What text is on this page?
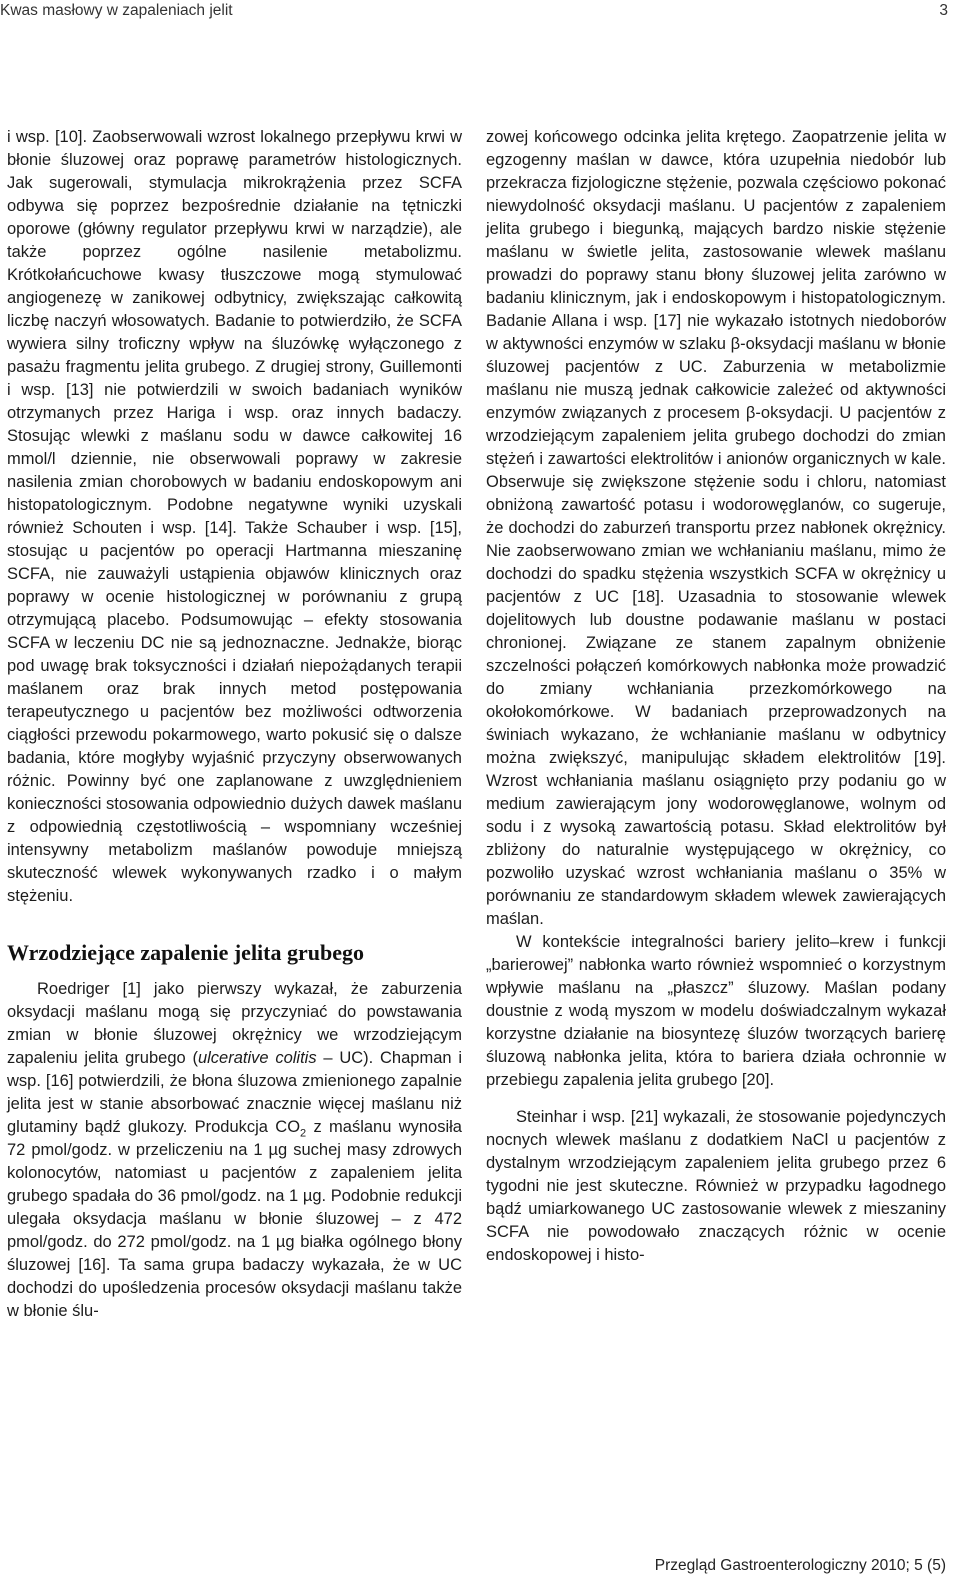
Kwas masłowy w zapaleniach jelit	3

i wsp. [10]. Zaobserwowali wzrost lokalnego przepływu krwi w błonie śluzowej oraz poprawę parametrów histologicznych. Jak sugerowali, stymulacja mikrokrążenia przez SCFA odbywa się poprzez bezpośrednie działanie na tętniczki oporowe (główny regulator przepływu krwi w narządzie), ale także poprzez ogólne nasilenie metabolizmu. Krótkołańcuchowe kwasy tłuszczowe mogą stymulować angiogenezę w zanikowej odbytnicy, zwiększając całkowitą liczbę naczyń włosowatych. Badanie to potwierdziło, że SCFA wywiera silny troficzny wpływ na śluzówkę wyłączonego z pasażu fragmentu jelita grubego. Z drugiej strony, Guillemonti i wsp. [13] nie potwierdzili w swoich badaniach wyników otrzymanych przez Hariga i wsp. oraz innych badaczy. Stosując wlewki z maślanu sodu w dawce całkowitej 16 mmol/l dziennie, nie obserwowali poprawy w zakresie nasilenia zmian chorobowych w badaniu endoskopowym ani histopatologicznym. Podobne negatywne wyniki uzyskali również Schouten i wsp. [14]. Także Schauber i wsp. [15], stosując u pacjentów po operacji Hartmanna mieszaninę SCFA, nie zauważyli ustąpienia objawów klinicznych oraz poprawy w ocenie histologicznej w porównaniu z grupą otrzymującą placebo. Podsumowując – efekty stosowania SCFA w leczeniu DC nie są jednoznaczne. Jednakże, biorąc pod uwagę brak toksyczności i działań niepożądanych terapii maślanem oraz brak innych metod postępowania terapeutycznego u pacjentów bez możliwości odtworzenia ciągłości przewodu pokarmowego, warto pokusić się o dalsze badania, które mogłyby wyjaśnić przyczyny obserwowanych różnic. Powinny być one zaplanowane z uwzględnieniem konieczności stosowania odpowiednio dużych dawek maślanu z odpowiednią częstotliwością – wspomniany wcześniej intensywny metabolizm maślanów powoduje mniejszą skuteczność wlewek wykonywanych rzadko i o małym stężeniu.

Wrzodziejące zapalenie jelita grubego

Roedriger [1] jako pierwszy wykazał, że zaburzenia oksydacji maślanu mogą się przyczyniać do powstawania zmian w błonie śluzowej okrężnicy we wrzodziejącym zapaleniu jelita grubego (ulcerative colitis – UC). Chapman i wsp. [16] potwierdzili, że błona śluzowa zmienionego zapalnie jelita jest w stanie absorbować znacznie więcej maślanu niż glutaminy bądź glukozy. Produkcja $CO_2$ z maślanu wynosiła 72 pmol/godz. w przeliczeniu na 1 µg suchej masy zdrowych kolonocytów, natomiast u pacjentów z zapaleniem jelita grubego spadała do 36 pmol/godz. na 1 µg. Podobnie redukcji ulegała oksydacja maślanu w błonie śluzowej – z 472 pmol/godz. do 272 pmol/godz. na 1 µg białka ogólnego błony śluzowej [16]. Ta sama grupa badaczy wykazała, że w UC dochodzi do upośledzenia procesów oksydacji maślanu także w błonie ślu-

zowej końcowego odcinka jelita krętego. Zaopatrzenie jelita w egzogenny maślan w dawce, która uzupełnia niedobór lub przekracza fizjologiczne stężenie, pozwala częściowo pokonać niewydolność oksydacji maślanu. U pacjentów z zapaleniem jelita grubego i biegunką, mających bardzo niskie stężenie maślanu w świetle jelita, zastosowanie wlewek maślanu prowadzi do poprawy stanu błony śluzowej jelita zarówno w badaniu klinicznym, jak i endoskopowym i histopatologicznym. Badanie Allana i wsp. [17] nie wykazało istotnych niedoborów w aktywności enzymów w szlaku β-oksydacji maślanu w błonie śluzowej pacjentów z UC. Zaburzenia w metabolizmie maślanu nie muszą jednak całkowicie zależeć od aktywności enzymów związanych z procesem β-oksydacji. U pacjentów z wrzodziejącym zapaleniem jelita grubego dochodzi do zmian stężeń i zawartości elektrolitów i anionów organicznych w kale. Obserwuje się zwiększone stężenie sodu i chloru, natomiast obniżoną zawartość potasu i wodorowęglanów, co sugeruje, że dochodzi do zaburzeń transportu przez nabłonek okrężnicy. Nie zaobserwowano zmian we wchłanianiu maślanu, mimo że dochodzi do spadku stężenia wszystkich SCFA w okrężnicy u pacjentów z UC [18]. Uzasadnia to stosowanie wlewek dojelitowych lub doustne podawanie maślanu w postaci chronionej. Związane ze stanem zapalnym obniżenie szczelności połączeń komórkowych nabłonka może prowadzić do zmiany wchłaniania przezkomórkowego na okołokomórkowe. W badaniach przeprowadzonych na świniach wykazano, że wchłanianie maślanu w odbytnicy można zwiększyć, manipulując składem elektrolitów [19]. Wzrost wchłaniania maślanu osiągnięto przy podaniu go w medium zawierającym jony wodorowęglanowe, wolnym od sodu i z wysoką zawartością potasu. Skład elektrolitów był zbliżony do naturalnie występującego w okrężnicy, co pozwoliło uzyskać wzrost wchłaniania maślanu o 35% w porównaniu ze standardowym składem wlewek zawierających maślan.

W kontekście integralności bariery jelito–krew i funkcji „barierowej” nabłonka warto również wspomnieć o korzystnym wpływie maślanu na „płaszcz” śluzowy. Maślan podany doustnie z wodą myszom w modelu doświadczalnym wykazał korzystne działanie na biosyntezę śluzów tworzących barierę śluzową nabłonka jelita, która to bariera działa ochronnie w przebiegu zapalenia jelita grubego [20].

Steinhar i wsp. [21] wykazali, że stosowanie pojedynczych nocnych wlewek maślanu z dodatkiem NaCl u pacjentów z dystalnym wrzodziejącym zapaleniem jelita grubego przez 6 tygodni nie jest skuteczne. Również w przypadku łagodnego bądź umiarkowanego UC zastosowanie wlewek z mieszaniny SCFA nie powodowało znaczących różnic w ocenie endoskopowej i histo-

Przegląd Gastroenterologiczny 2010; 5 (5)
